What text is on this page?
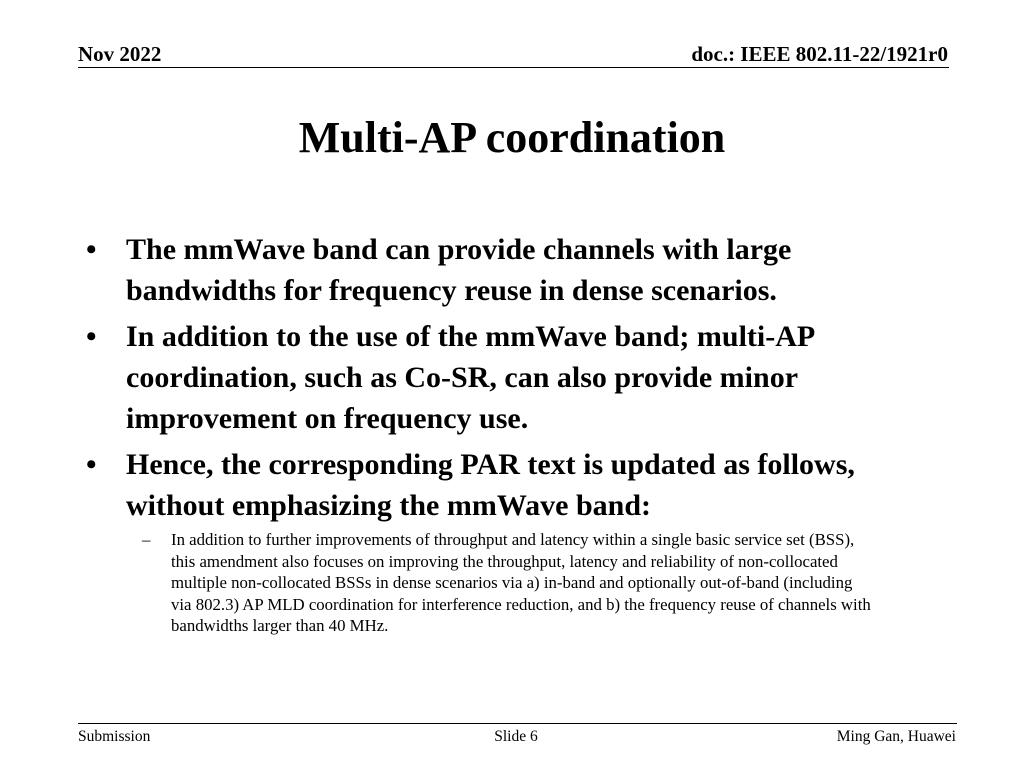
Nov 2022	doc.: IEEE 802.11-22/1921r0
Multi-AP coordination
• The mmWave band can provide channels with large bandwidths for frequency reuse in dense scenarios.
• In addition to the use of the mmWave band; multi-AP coordination, such as Co-SR, can also provide minor improvement on frequency use.
• Hence, the corresponding PAR text is updated as follows, without emphasizing the mmWave band:
–	In addition to further improvements of throughput and latency within a single basic service set (BSS), this amendment also focuses on improving the throughput, latency and reliability of non-collocated multiple non-collocated BSSs in dense scenarios via a) in-band and optionally out-of-band (including via 802.3) AP MLD coordination for interference reduction, and b) the frequency reuse of channels with bandwidths larger than 40 MHz.
Submission	Slide 6	Ming Gan, Huawei
